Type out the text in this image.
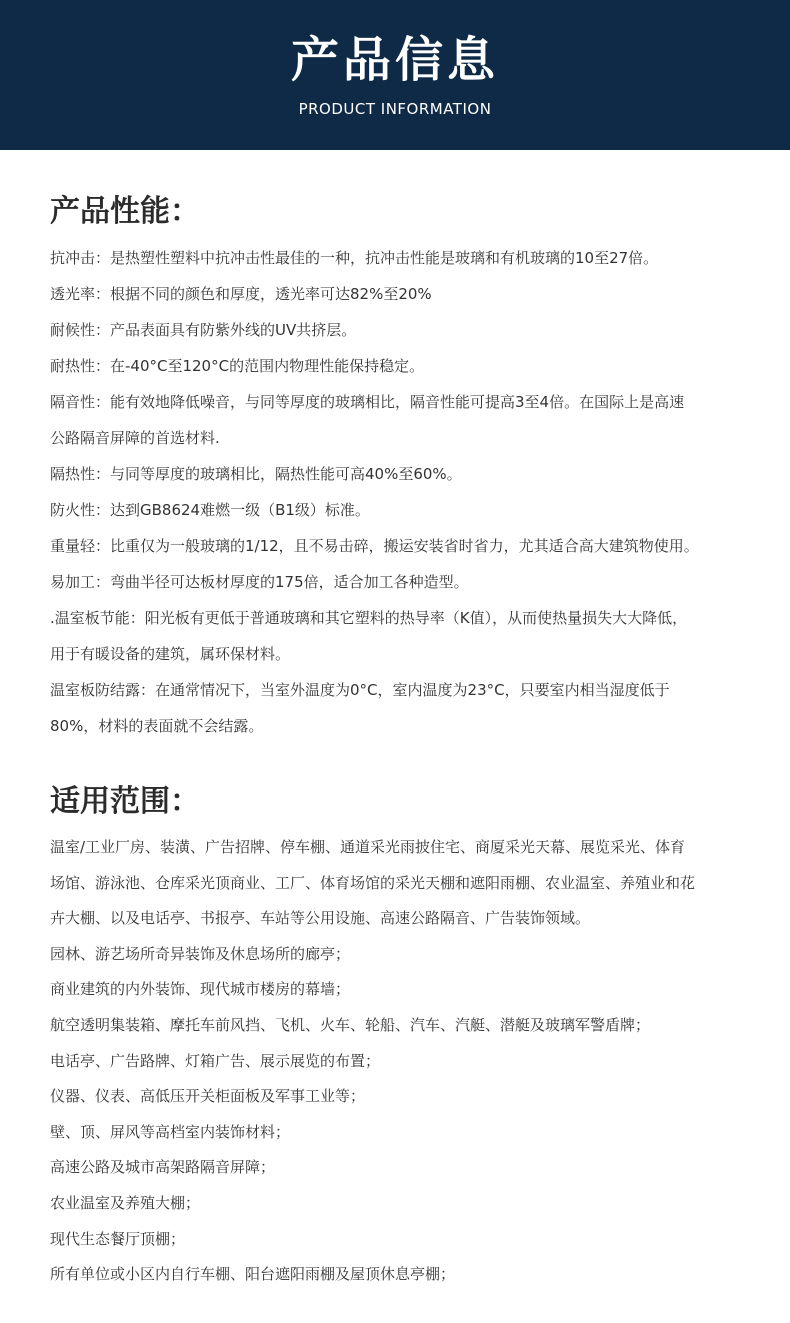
产品信息
PRODUCT INFORMATION
产品性能：
抗冲击：是热塑性塑料中抗冲击性最佳的一种，抗冲击性能是玻璃和有机玻璃的10至27倍。
透光率：根据不同的颜色和厚度，透光率可达82%至20%
耐候性：产品表面具有防紫外线的UV共挤层。
耐热性：在-40°C至120°C的范围内物理性能保持稳定。
隔音性：能有效地降低噪音，与同等厚度的玻璃相比，隔音性能可提高3至4倍。在国际上是高速
公路隔音屏障的首选材料.
隔热性：与同等厚度的玻璃相比，隔热性能可高40%至60%。
防火性：达到GB8624难燃一级（B1级）标准。
重量轻：比重仅为一般玻璃的1/12，且不易击碎，搬运安装省时省力，尤其适合高大建筑物使用。
易加工：弯曲半径可达板材厚度的175倍，适合加工各种造型。
.温室板节能：阳光板有更低于普通玻璃和其它塑料的热导率（K值），从而使热量损失大大降低，
用于有暖设备的建筑，属环保材料。
温室板防结露：在通常情况下，当室外温度为0°C，室内温度为23°C，只要室内相当湿度低于
80%，材料的表面就不会结露。
适用范围：
温室/工业厂房、装潢、广告招牌、停车棚、通道采光雨披住宅、商厦采光天幕、展览采光、体育
场馆、游泳池、仓库采光顶商业、工厂、体育场馆的采光天棚和遮阳雨棚、农业温室、养殖业和花
卉大棚、以及电话亭、书报亭、车站等公用设施、高速公路隔音、广告装饰领域。
园林、游艺场所奇异装饰及休息场所的廊亭；
商业建筑的内外装饰、现代城市楼房的幕墙；
航空透明集装箱、摩托车前风挡、飞机、火车、轮船、汽车、汽艇、潜艇及玻璃军警盾牌；
电话亭、广告路牌、灯箱广告、展示展览的布置；
仪器、仪表、高低压开关柜面板及军事工业等；
壁、顶、屏风等高档室内装饰材料；
高速公路及城市高架路隔音屏障；
农业温室及养殖大棚；
现代生态餐厅顶棚；
所有单位或小区内自行车棚、阳台遮阳雨棚及屋顶休息亭棚；
